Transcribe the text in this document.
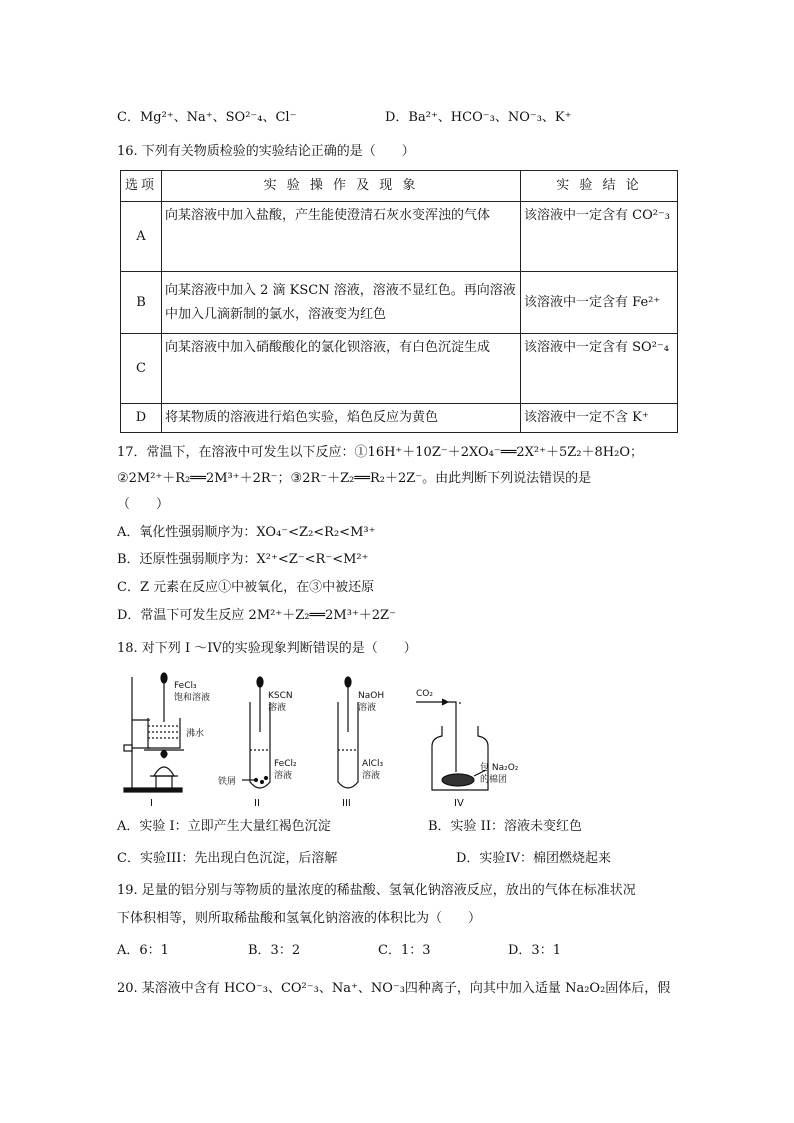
C．Mg²⁺、Na⁺、SO²⁻₄、Cl⁻	D．Ba²⁺、HCO⁻₃、NO⁻₃、K⁺
16. 下列有关物质检验的实验结论正确的是（　　）
选项	实 验 操 作 及 现 象	实 验 结 论
A	向某溶液中加入盐酸，产生能使澄清石灰水变浑浊的气体	该溶液中一定含有 CO²⁻₃
B	向某溶液中加入 2 滴 KSCN 溶液，溶液不显红色。再向溶液中加入几滴新制的氯水，溶液变为红色	该溶液中一定含有 Fe²⁺
C	向某溶液中加入硝酸酸化的氯化钡溶液，有白色沉淀生成	该溶液中一定含有 SO²⁻₄
D	将某物质的溶液进行焰色实验，焰色反应为黄色	该溶液中一定不含 K⁺
17．常温下，在溶液中可发生以下反应：①16H⁺＋10Z⁻＋2XO₄⁻══2X²⁺＋5Z₂＋8H₂O；
②2M²⁺＋R₂══2M³⁺＋2R⁻；③2R⁻＋Z₂══R₂＋2Z⁻。由此判断下列说法错误的是
（　　）
A．氧化性强弱顺序为：XO₄⁻<Z₂<R₂<M³⁺
B．还原性强弱顺序为：X²⁺<Z⁻<R⁻<M²⁺
C．Z 元素在反应①中被氧化，在③中被还原
D．常温下可发生反应 2M²⁺＋Z₂══2M³⁺＋2Z⁻
18. 对下列 I ～IV的实验现象判断错误的是（　　）
FeCl₃
饱和溶液
沸水
I
KSCN
溶液
FeCl₂
溶液
铁屑
II
NaOH
溶液
AlCl₃
溶液
III
CO₂
包 Na₂O₂
的棉团
IV
A．实验 I：立即产生大量红褐色沉淀	B．实验 II：溶液未变红色
C．实验III：先出现白色沉淀，后溶解	D．实验IV：棉团燃烧起来
19. 足量的铝分别与等物质的量浓度的稀盐酸、氢氧化钠溶液反应，放出的气体在标准状况
下体积相等，则所取稀盐酸和氢氧化钠溶液的体积比为（　　）
A．6：1	B．3：2	C．1：3	D．3：1
20. 某溶液中含有 HCO⁻₃、CO²⁻₃、Na⁺、NO⁻₃四种离子，向其中加入适量 Na₂O₂固体后，假
